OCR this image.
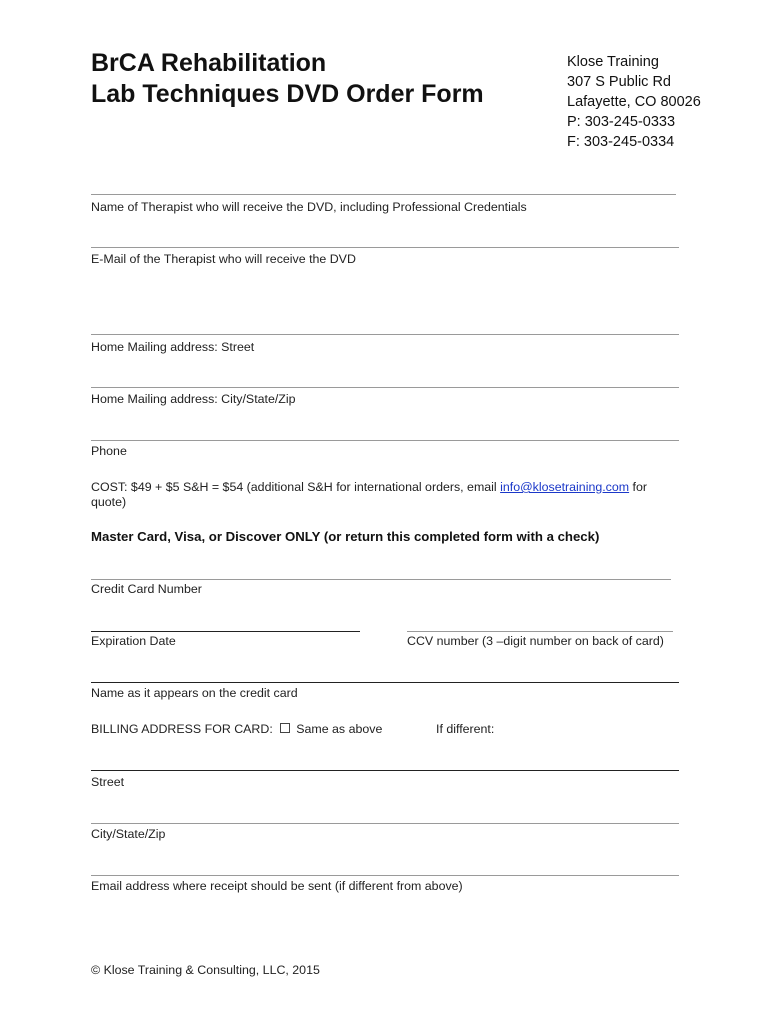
BrCA Rehabilitation
Lab Techniques DVD Order Form
Klose Training
307 S Public Rd
Lafayette, CO 80026
P: 303-245-0333
F: 303-245-0334
Name of Therapist who will receive the DVD, including Professional Credentials
E-Mail of the Therapist who will receive the DVD
Home Mailing address: Street
Home Mailing address: City/State/Zip
Phone
COST: $49 + $5 S&H = $54 (additional S&H for international orders, email info@klosetraining.com for quote)
Master Card, Visa, or Discover ONLY (or return this completed form with a check)
Credit Card Number
Expiration Date	CCV number (3 –digit number on back of card)
Name as it appears on the credit card
BILLING ADDRESS FOR CARD: Same as above	If different:
Street
City/State/Zip
Email address where receipt should be sent (if different from above)
© Klose Training & Consulting, LLC, 2015
